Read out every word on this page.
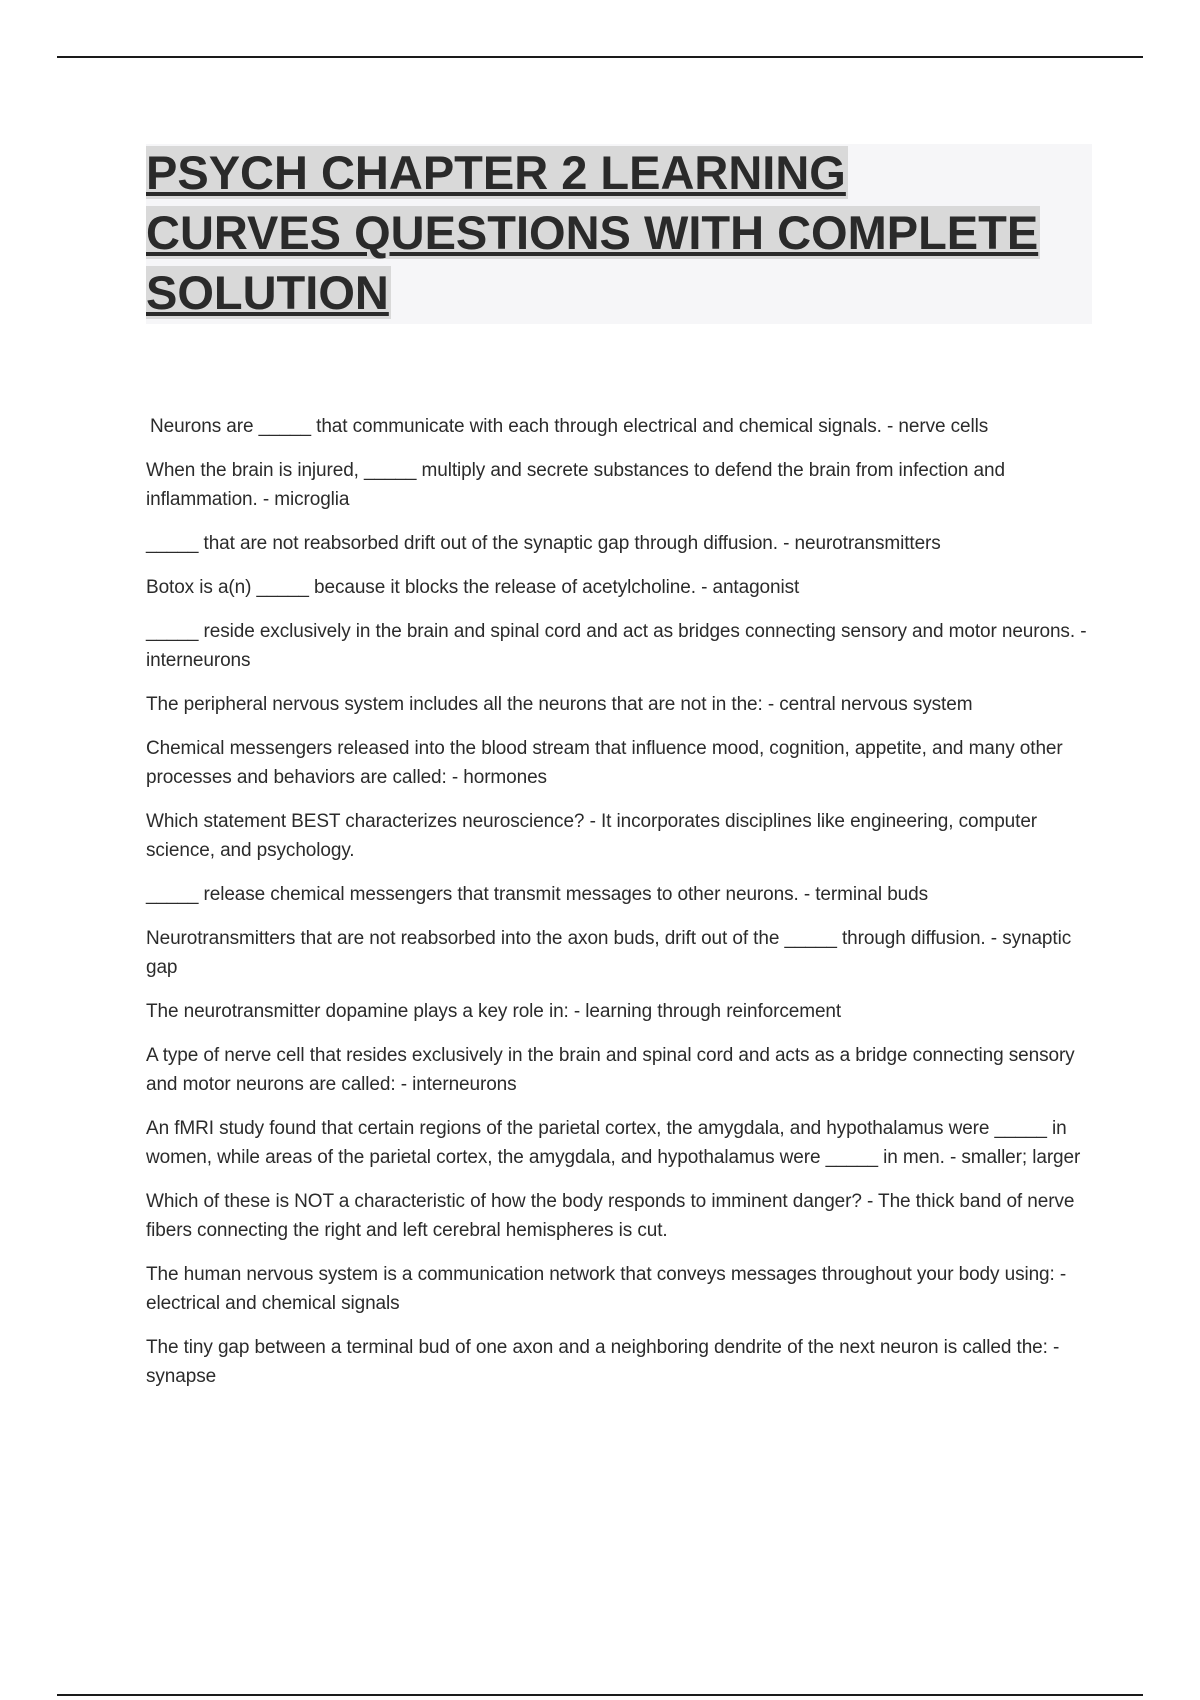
PSYCH CHAPTER 2 LEARNING
CURVES QUESTIONS WITH COMPLETE
SOLUTION
Neurons are _____ that communicate with each through electrical and chemical signals. - nerve cells
When the brain is injured, _____ multiply and secrete substances to defend the brain from infection and inflammation. - microglia
_____ that are not reabsorbed drift out of the synaptic gap through diffusion. - neurotransmitters
Botox is a(n) _____ because it blocks the release of acetylcholine. - antagonist
_____ reside exclusively in the brain and spinal cord and act as bridges connecting sensory and motor neurons. - interneurons
The peripheral nervous system includes all the neurons that are not in the: - central nervous system
Chemical messengers released into the blood stream that influence mood, cognition, appetite, and many other processes and behaviors are called: - hormones
Which statement BEST characterizes neuroscience? - It incorporates disciplines like engineering, computer science, and psychology.
_____ release chemical messengers that transmit messages to other neurons. - terminal buds
Neurotransmitters that are not reabsorbed into the axon buds, drift out of the _____ through diffusion. - synaptic gap
The neurotransmitter dopamine plays a key role in: - learning through reinforcement
A type of nerve cell that resides exclusively in the brain and spinal cord and acts as a bridge connecting sensory and motor neurons are called: - interneurons
An fMRI study found that certain regions of the parietal cortex, the amygdala, and hypothalamus were _____ in women, while areas of the parietal cortex, the amygdala, and hypothalamus were _____ in men. - smaller; larger
Which of these is NOT a characteristic of how the body responds to imminent danger? - The thick band of nerve fibers connecting the right and left cerebral hemispheres is cut.
The human nervous system is a communication network that conveys messages throughout your body using: - electrical and chemical signals
The tiny gap between a terminal bud of one axon and a neighboring dendrite of the next neuron is called the: - synapse
